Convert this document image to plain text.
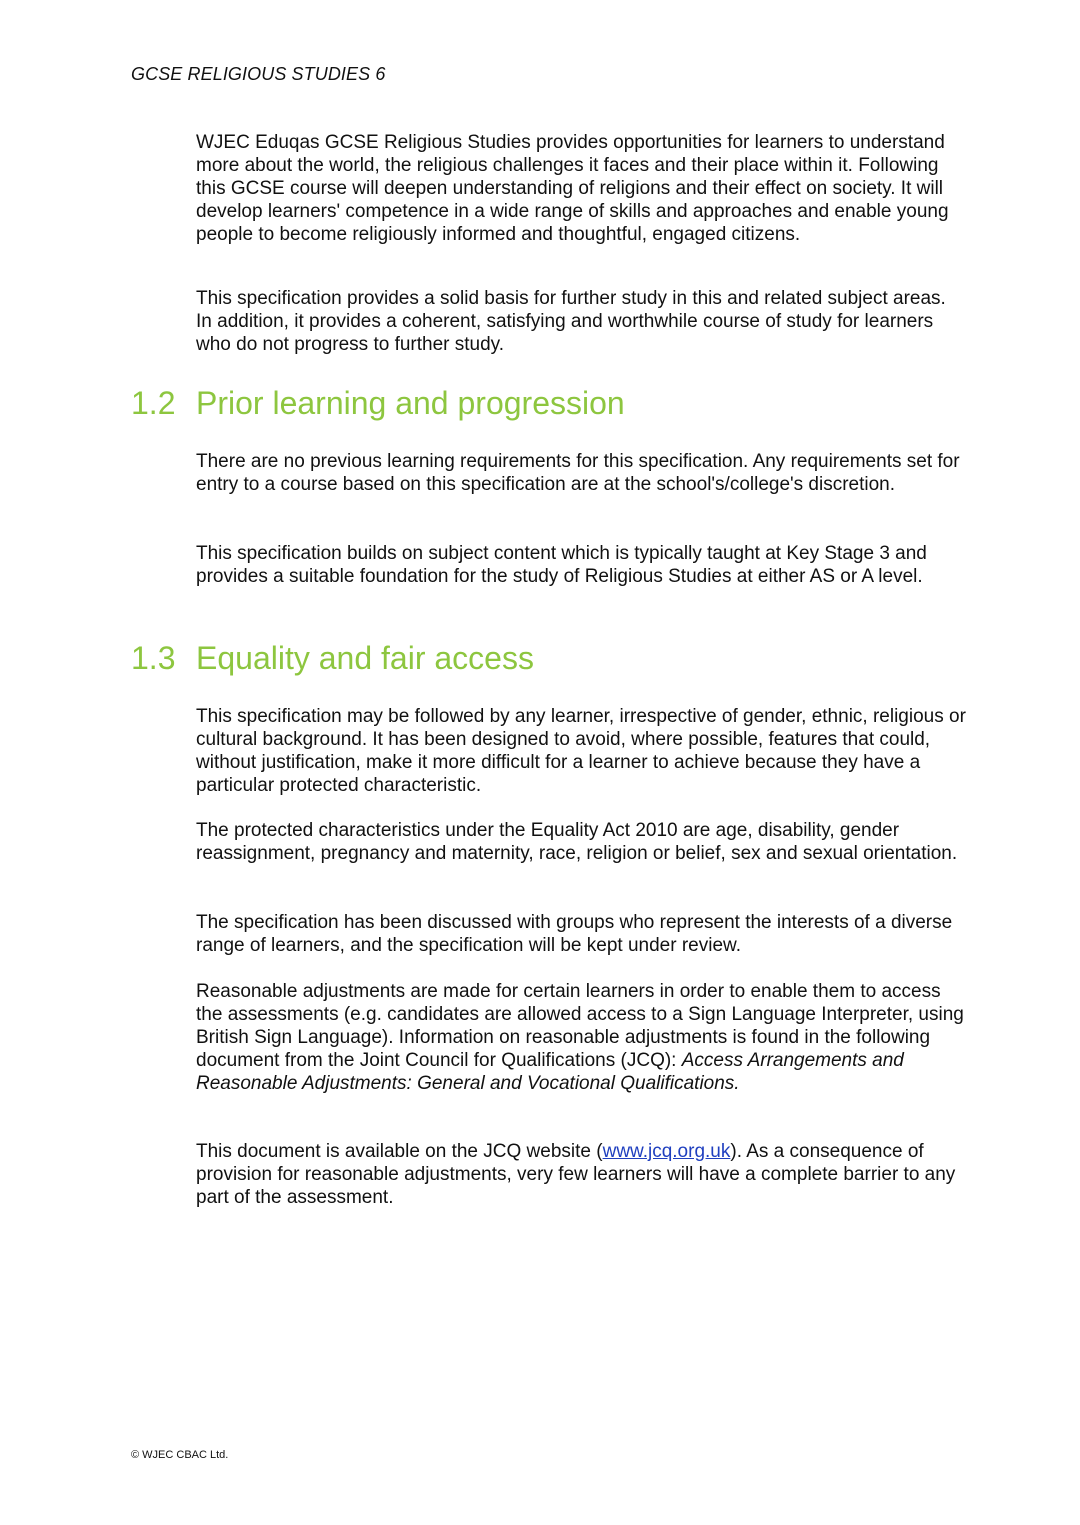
GCSE RELIGIOUS STUDIES 6

WJEC Eduqas GCSE Religious Studies provides opportunities for learners to understand more about the world, the religious challenges it faces and their place within it. Following this GCSE course will deepen understanding of religions and their effect on society. It will develop learners' competence in a wide range of skills and approaches and enable young people to become religiously informed and thoughtful, engaged citizens.

This specification provides a solid basis for further study in this and related subject areas. In addition, it provides a coherent, satisfying and worthwhile course of study for learners who do not progress to further study.

1.2 Prior learning and progression

There are no previous learning requirements for this specification. Any requirements set for entry to a course based on this specification are at the school's/college's discretion.

This specification builds on subject content which is typically taught at Key Stage 3 and provides a suitable foundation for the study of Religious Studies at either AS or A level.

1.3 Equality and fair access

This specification may be followed by any learner, irrespective of gender, ethnic, religious or cultural background. It has been designed to avoid, where possible, features that could, without justification, make it more difficult for a learner to achieve because they have a particular protected characteristic.

The protected characteristics under the Equality Act 2010 are age, disability, gender reassignment, pregnancy and maternity, race, religion or belief, sex and sexual orientation.

The specification has been discussed with groups who represent the interests of a diverse range of learners, and the specification will be kept under review.

Reasonable adjustments are made for certain learners in order to enable them to access the assessments (e.g. candidates are allowed access to a Sign Language Interpreter, using British Sign Language). Information on reasonable adjustments is found in the following document from the Joint Council for Qualifications (JCQ): Access Arrangements and Reasonable Adjustments: General and Vocational Qualifications.

This document is available on the JCQ website (www.jcq.org.uk). As a consequence of provision for reasonable adjustments, very few learners will have a complete barrier to any part of the assessment.

© WJEC CBAC Ltd.
